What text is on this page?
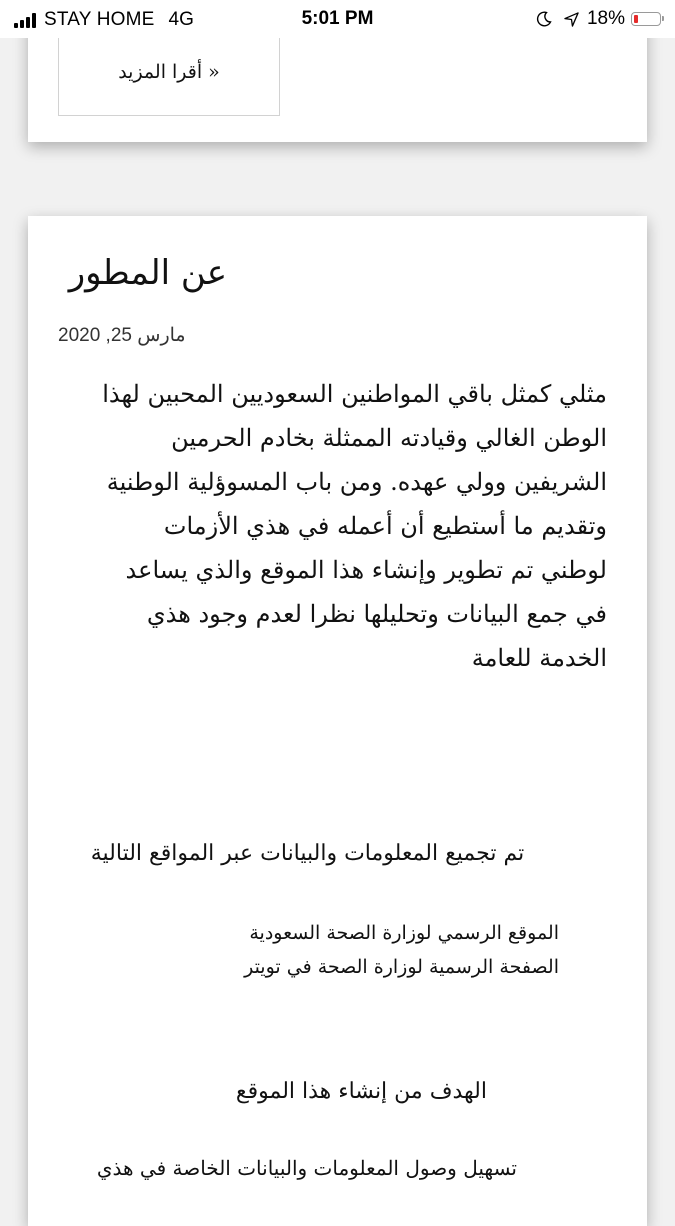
STAY HOME 4G	5:01 PM	18%
« أقرا المزيد
عن المطور
مارس 25, 2020

مثلي كمثل باقي المواطنين السعوديين المحبين لهذا
الوطن الغالي وقيادته الممثلة بخادم الحرمين
الشريفين وولي عهده. ومن باب المسوؤلية الوطنية
وتقديم ما أستطيع أن أعمله في هذي الأزمات
لوطني تم تطوير وإنشاء هذا الموقع والذي يساعد
في جمع البيانات وتحليلها نظرا لعدم وجود هذي
الخدمة للعامة

تم تجميع المعلومات والبيانات عبر المواقع التالية
الموقع الرسمي لوزارة الصحة السعودية
الصفحة الرسمية لوزارة الصحة في تويتر
الهدف من إنشاء هذا الموقع

تسهيل وصول المعلومات والبيانات الخاصة في هذي
